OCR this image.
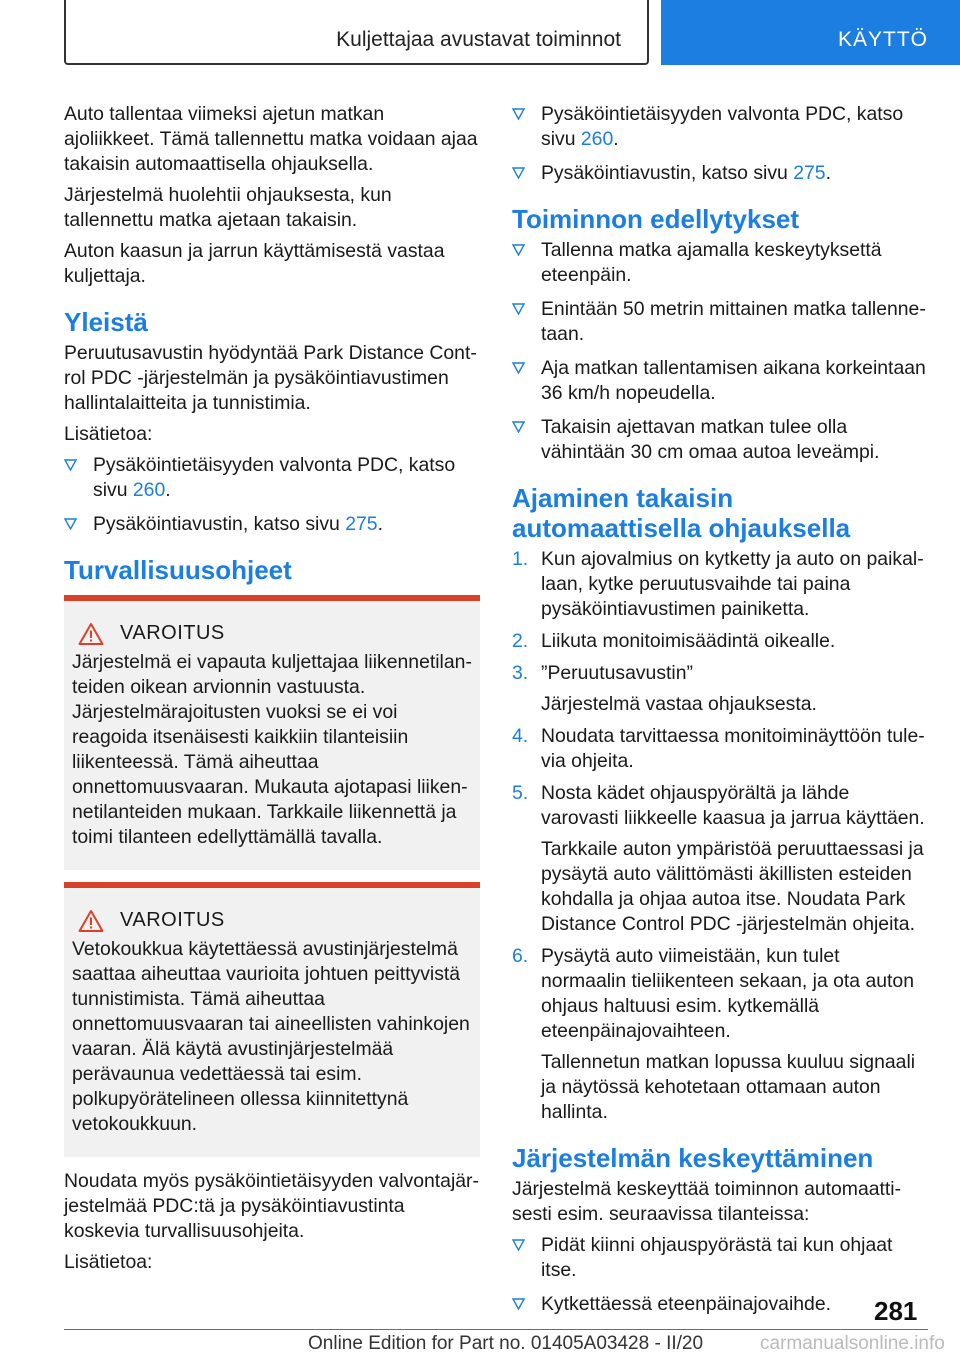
Kuljettajaa avustavat toiminnot	KÄYTTÖ

Auto tallentaa viimeksi ajetun matkan ajoliikkeet. Tämä tallennettu matka voidaan ajaa takaisin automaattisella ohjauksella.

Järjestelmä huolehtii ohjauksesta, kun tallennettu matka ajetaan takaisin.

Auton kaasun ja jarrun käyttämisestä vastaa kuljettaja.

Yleistä

Peruutusavustin hyödyntää Park Distance Control PDC -järjestelmän ja pysäköintiavustimen hallintalaitteita ja tunnistimia.

Lisätietoa:

Pysäköintietäisyyden valvonta PDC, katso sivu 260.
Pysäköintiavustin, katso sivu 275.
Turvallisuusohjeet
VAROITUS

Järjestelmä ei vapauta kuljettajaa liikennetilanteiden oikean arvionnin vastuusta. Järjestelmärajoitusten vuoksi se ei voi reagoida itsenäisesti kaikkiin tilanteisiin liikenteessä. Tämä aiheuttaa onnettomuusvaaran. Mukauta ajotapasi liikennetilanteiden mukaan. Tarkkaile liikennettä ja toimi tilanteen edellyttämällä tavalla.

VAROITUS

Vetokoukkua käytettäessä avustinjärjestelmä saattaa aiheuttaa vaurioita johtuen peittyvistä tunnistimista. Tämä aiheuttaa onnettomuusvaaran tai aineellisten vahinkojen vaaran. Älä käytä avustinjärjestelmää perävaunua vedettäessä tai esim. polkupyörätelineen ollessa kiinnitettynä vetokoukkuun.

Noudata myös pysäköintietäisyyden valvontajärjestelmää PDC:tä ja pysäköintiavustinta koskevia turvallisuusohjeita.

Lisätietoa:

Pysäköintietäisyyden valvonta PDC, katso sivu 260.
Pysäköintiavustin, katso sivu 275.
Toiminnon edellytykset
Tallenna matka ajamalla keskeytyksettä eteenpäin.
Enintään 50 metrin mittainen matka tallennetaan.
Aja matkan tallentamisen aikana korkeintaan 36 km/h nopeudella.
Takaisin ajettavan matkan tulee olla vähintään 30 cm omaa autoa leveämpi.
Ajaminen takaisin automaattisella ohjauksella
1. Kun ajovalmius on kytketty ja auto on paikallaan, kytke peruutusvaihde tai paina pysäköintiavustimen painiketta.
2. Liikuta monitoimisäädintä oikealle.
3. ”Peruutusavustin”
Järjestelmä vastaa ohjauksesta.
4. Noudata tarvittaessa monitoiminäyttöön tulevia ohjeita.
5. Nosta kädet ohjauspyörältä ja lähde varovasti liikkeelle kaasua ja jarrua käyttäen.
Tarkkaile auton ympäristöä peruuttaessasi ja pysäytä auto välittömästi äkillisten esteiden kohdalla ja ohjaa autoa itse. Noudata Park Distance Control PDC -järjestelmän ohjeita.
6. Pysäytä auto viimeistään, kun tulet normaalin tieliikenteen sekaan, ja ota auton ohjaus haltuusi esim. kytkemällä eteenpäinajovaihteen.
Tallennetun matkan lopussa kuuluu signaali ja näytössä kehotetaan ottamaan auton hallinta.
Järjestelmän keskeyttäminen

Järjestelmä keskeyttää toiminnon automaattisesti esim. seuraavissa tilanteissa:

Pidät kiinni ohjauspyörästä tai kun ohjaat itse.
Kytkettäessä eteenpäinajovaihde.	281
Online Edition for Part no. 01405A03428 - II/20	carmanualsonline.info
